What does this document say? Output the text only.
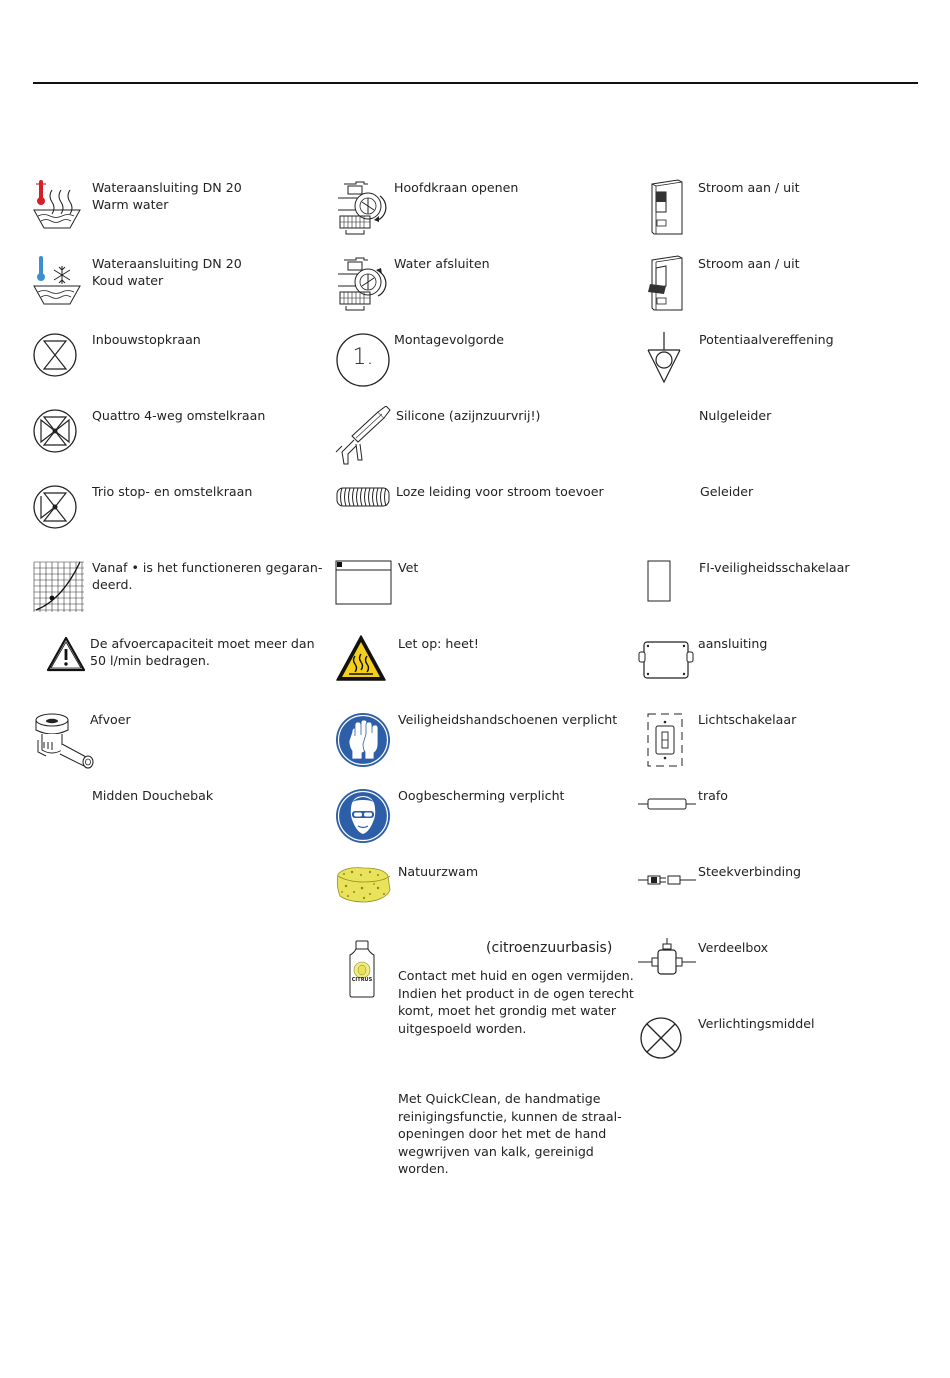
Wateraansluiting DN 20
Warm water
Wateraansluiting DN 20
Koud water
Inbouwstopkraan
Quattro 4-weg omstelkraan
Trio stop- en omstelkraan
Vanaf • is het functioneren gegaran-
deerd.
De afvoercapaciteit moet meer dan
50 l/min bedragen.
Afvoer
Midden Douchebak
Hoofdkraan openen
Water afsluiten
1.
Montagevolgorde
Silicone (azijnzuurvrij!)
Loze leiding voor stroom toevoer
Vet
Let op: heet!
Veiligheidshandschoenen verplicht
Oogbescherming verplicht
Natuurzwam
CITRUS
(citroenzuurbasis)
Contact met huid en ogen vermijden.
Indien het product in de ogen terecht
komt, moet het grondig met water
uitgespoeld worden.
Met QuickClean, de handmatige
reinigingsfunctie, kunnen de straal-
openingen door het met de hand
wegwrijven van kalk, gereinigd
worden.
Stroom aan / uit
Stroom aan / uit
Potentiaalvereffening
Nulgeleider
Geleider
FI-veiligheidsschakelaar
aansluiting
Lichtschakelaar
trafo
Steekverbinding
Verdeelbox
Verlichtingsmiddel
